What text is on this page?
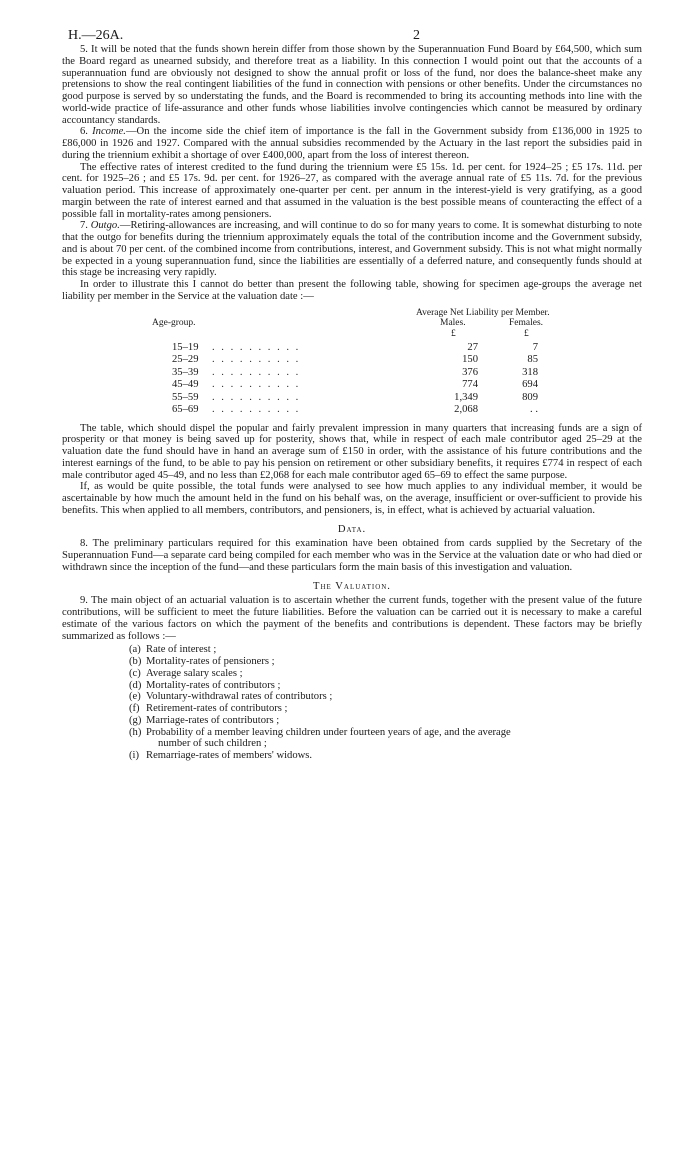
H.—26A.	2

5. It will be noted that the funds shown herein differ from those shown by the Superannuation Fund Board by £64,500, which sum the Board regard as unearned subsidy, and therefore treat as a liability. In this connection I would point out that the accounts of a superannuation fund are obviously not designed to show the annual profit or loss of the fund, nor does the balance-sheet make any pretensions to show the real contingent liabilities of the fund in connection with pensions or other benefits. Under the circumstances no good purpose is served by so understating the funds, and the Board is recommended to bring its accounting methods into line with the world-wide practice of life-assurance and other funds whose liabilities involve contingencies which cannot be measured by ordinary accountancy standards.

6. Income.—On the income side the chief item of importance is the fall in the Government subsidy from £136,000 in 1925 to £86,000 in 1926 and 1927. Compared with the annual subsidies recommended by the Actuary in the last report the subsidies paid in during the triennium exhibit a shortage of over £400,000, apart from the loss of interest thereon.

The effective rates of interest credited to the fund during the triennium were £5 15s. 1d. per cent. for 1924–25 ; £5 17s. 11d. per cent. for 1925–26 ; and £5 17s. 9d. per cent. for 1926–27, as compared with the average annual rate of £5 11s. 7d. for the previous valuation period. This increase of approximately one-quarter per cent. per annum in the interest-yield is very gratifying, as a good margin between the rate of interest earned and that assumed in the valuation is the best possible means of counteracting the effect of a possible fall in mortality-rates among pensioners.

7. Outgo.—Retiring-allowances are increasing, and will continue to do so for many years to come. It is somewhat disturbing to note that the outgo for benefits during the triennium approximately equals the total of the contribution income and the Government subsidy, and is about 70 per cent. of the combined income from contributions, interest, and Government subsidy. This is not what might normally be expected in a young superannuation fund, since the liabilities are essentially of a deferred nature, and consequently funds should at this stage be increasing very rapidly.

In order to illustrate this I cannot do better than present the following table, showing for specimen age-groups the average net liability per member in the Service at the valuation date :—

Age-group.
Average Net Liability per Member.
Males.	Females.
£	£
15–19 . . . . . . . . . .	27	7
25–29 . . . . . . . . . .	150	85
35–39 . . . . . . . . . .	376	318
45–49 . . . . . . . . . .	774	694
55–59 . . . . . . . . . .	1,349	809
65–69 . . . . . . . . . .	2,068	. .

The table, which should dispel the popular and fairly prevalent impression in many quarters that increasing funds are a sign of prosperity or that money is being saved up for posterity, shows that, while in respect of each male contributor aged 25–29 at the valuation date the fund should have in hand an average sum of £150 in order, with the assistance of his future contributions and the interest earnings of the fund, to be able to pay his pension on retirement or other subsidiary benefits, it requires £774 in respect of each male contributor aged 45–49, and no less than £2,068 for each male contributor aged 65–69 to effect the same purpose.

If, as would be quite possible, the total funds were analysed to see how much applies to any individual member, it would be ascertainable by how much the amount held in the fund on his behalf was, on the average, insufficient or over-sufficient to provide his benefits. This when applied to all members, contributors, and pensioners, is, in effect, what is achieved by actuarial valuation.

Data.

8. The preliminary particulars required for this examination have been obtained from cards supplied by the Secretary of the Superannuation Fund—a separate card being compiled for each member who was in the Service at the valuation date or who had died or withdrawn since the inception of the fund—and these particulars form the main basis of this investigation and valuation.

The Valuation.

9. The main object of an actuarial valuation is to ascertain whether the current funds, together with the present value of the future contributions, will be sufficient to meet the future liabilities. Before the valuation can be carried out it is necessary to make a careful estimate of the various factors on which the payment of the benefits and contributions is dependent. These factors may be briefly summarized as follows :—

(a) Rate of interest ;
(b) Mortality-rates of pensioners ;
(c) Average salary scales ;
(d) Mortality-rates of contributors ;
(e) Voluntary-withdrawal rates of contributors ;
(f) Retirement-rates of contributors ;
(g) Marriage-rates of contributors ;
(h) Probability of a member leaving children under fourteen years of age, and the average
number of such children ;
(i) Remarriage-rates of members' widows.
